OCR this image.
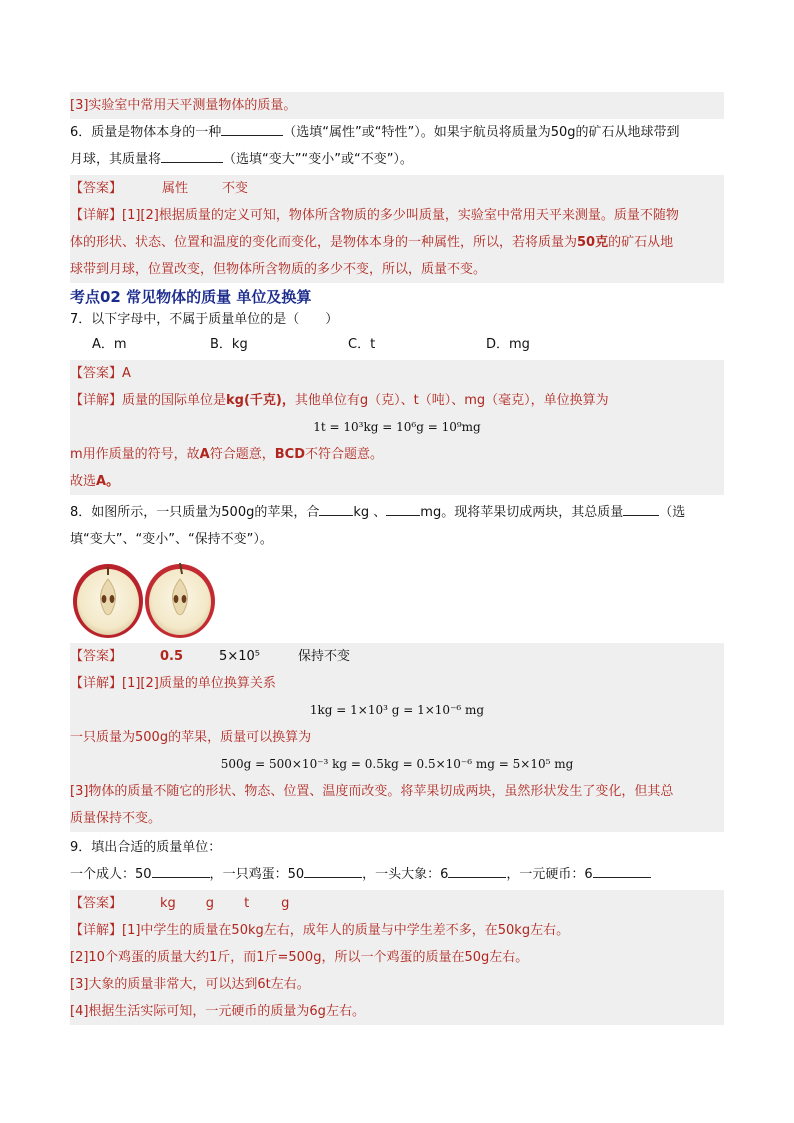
[3]实验室中常用天平测量物体的质量。
6．质量是物体本身的一种	（选填“属性”或“特性”）。如果宇航员将质量为50g的矿石从地球带到
月球，其质量将	（选填“变大”“变小”或“不变”）。
【答案】	属性	不变
【详解】[1][2]根据质量的定义可知，物体所含物质的多少叫质量，实验室中常用天平来测量。质量不随物
体的形状、状态、位置和温度的变化而变化，是物体本身的一种属性，所以，若将质量为50克的矿石从地
球带到月球，位置改变，但物体所含物质的多少不变，所以，质量不变。
考点02 常见物体的质量 单位及换算
7．以下字母中，不属于质量单位的是（　　）
A．m	B．kg	C．t	D．mg
【答案】A
【详解】质量的国际单位是kg(千克)，其他单位有g（克）、t（吨）、mg（毫克），单位换算为
1t = 10³kg = 10⁶g = 10⁹mg
m用作质量的符号，故A符合题意，BCD不符合题意。
故选A。
8．如图所示，一只质量为500g的苹果，合	kg 、	mg。现将苹果切成两块，其总质量	（选
填“变大”、“变小”、“保持不变”）。
【答案】	0.5	5×10⁵	保持不变
【详解】[1][2]质量的单位换算关系
1kg = 1×10³ g = 1×10⁻⁶ mg
一只质量为500g的苹果，质量可以换算为
500g = 500×10⁻³ kg = 0.5kg = 0.5×10⁻⁶ mg = 5×10⁵ mg
[3]物体的质量不随它的形状、物态、位置、温度而改变。将苹果切成两块，虽然形状发生了变化，但其总
质量保持不变。
9．填出合适的质量单位：
一个成人：50	，一只鸡蛋：50	，一头大象：6	，一元硬币：6
【答案】	kg g t g
【详解】[1]中学生的质量在50kg左右，成年人的质量与中学生差不多，在50kg左右。
[2]10个鸡蛋的质量大约1斤，而1斤=500g，所以一个鸡蛋的质量在50g左右。
[3]大象的质量非常大，可以达到6t左右。
[4]根据生活实际可知，一元硬币的质量为6g左右。
